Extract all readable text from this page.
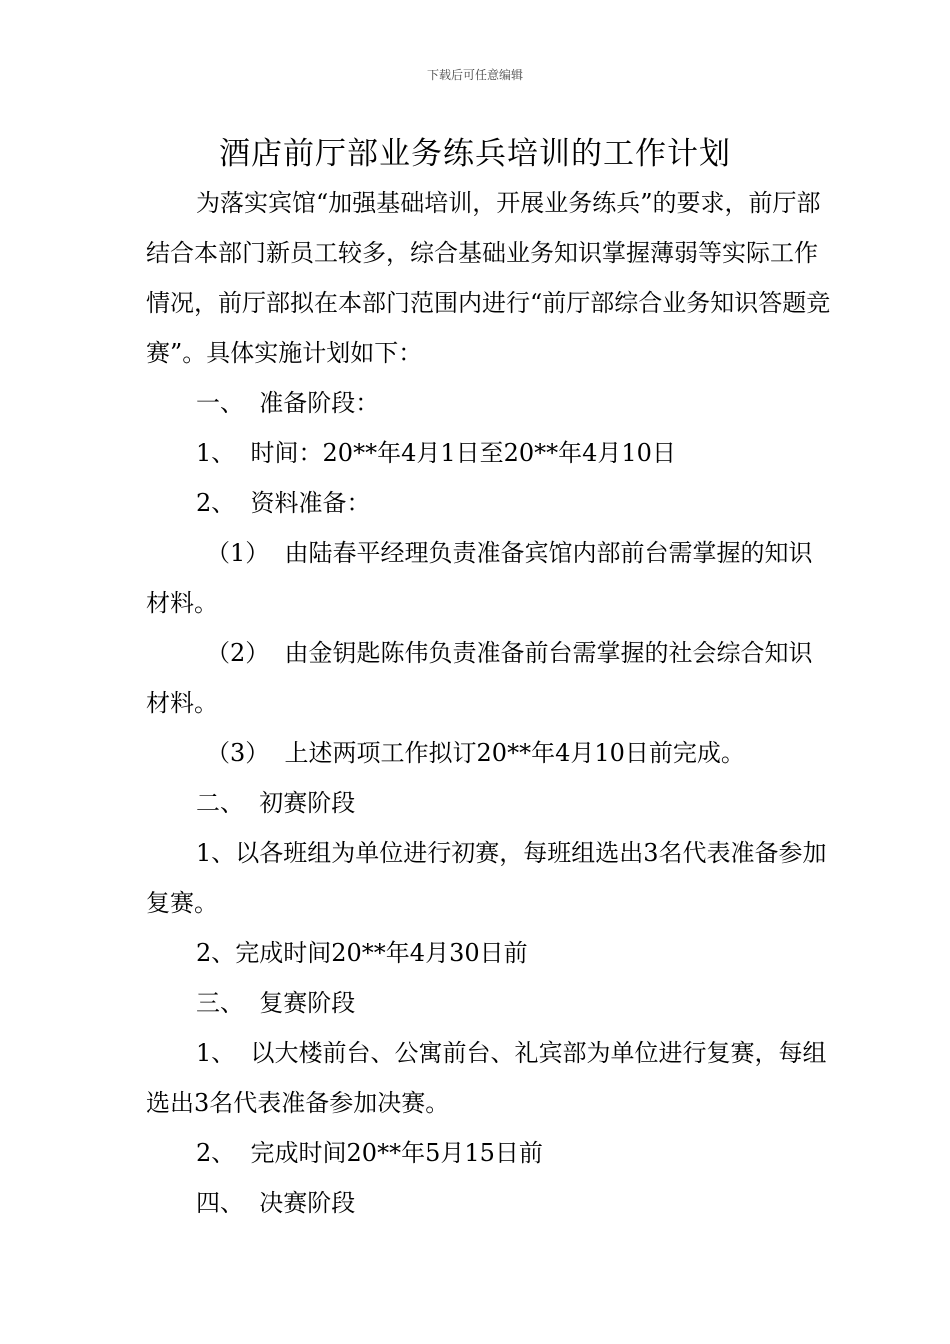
下载后可任意编辑
酒店前厅部业务练兵培训的工作计划

为落实宾馆“加强基础培训，开展业务练兵”的要求，前厅部结合本部门新员工较多，综合基础业务知识掌握薄弱等实际工作情况，前厅部拟在本部门范围内进行“前厅部综合业务知识答题竞赛”。具体实施计划如下：

一、  准备阶段：

1、  时间：20**年4月1日至20**年4月10日

2、  资料准备：

（1）  由陆春平经理负责准备宾馆内部前台需掌握的知识材料。

（2）  由金钥匙陈伟负责准备前台需掌握的社会综合知识材料。

（3）  上述两项工作拟订20**年4月10日前完成。

二、  初赛阶段

1、以各班组为单位进行初赛，每班组选出3名代表准备参加复赛。

2、完成时间20**年4月30日前

三、  复赛阶段

1、  以大楼前台、公寓前台、礼宾部为单位进行复赛，每组选出3名代表准备参加决赛。

2、  完成时间20**年5月15日前

四、  决赛阶段
